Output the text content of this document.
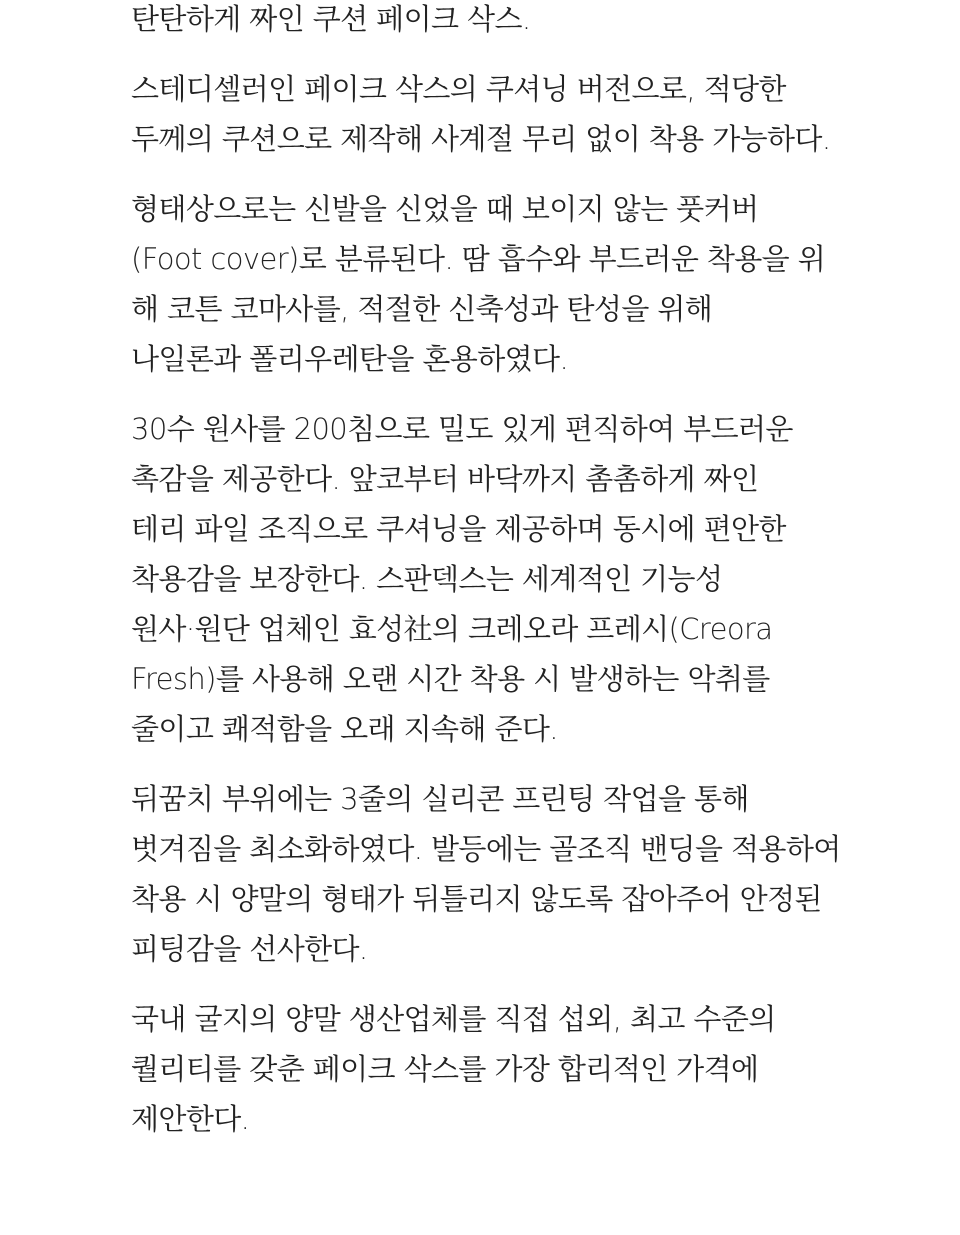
탄탄하게 짜인 쿠션 페이크 삭스.
스테디셀러인 페이크 삭스의 쿠셔닝 버전으로, 적당한
두께의 쿠션으로 제작해 사계절 무리 없이 착용 가능하다.
형태상으로는 신발을 신었을 때 보이지 않는 풋커버
(Foot cover)로 분류된다. 땀 흡수와 부드러운 착용을 위
해 코튼 코마사를, 적절한 신축성과 탄성을 위해
나일론과 폴리우레탄을 혼용하였다.
30수 원사를 200침으로 밀도 있게 편직하여 부드러운
촉감을 제공한다. 앞코부터 바닥까지 촘촘하게 짜인
테리 파일 조직으로 쿠셔닝을 제공하며 동시에 편안한
착용감을 보장한다. 스판덱스는 세계적인 기능성
원사·원단 업체인 효성社의 크레오라 프레시(Creora
Fresh)를 사용해 오랜 시간 착용 시 발생하는 악취를
줄이고 쾌적함을 오래 지속해 준다.
뒤꿈치 부위에는 3줄의 실리콘 프린팅 작업을 통해
벗겨짐을 최소화하였다. 발등에는 골조직 밴딩을 적용하여
착용 시 양말의 형태가 뒤틀리지 않도록 잡아주어 안정된
피팅감을 선사한다.
국내 굴지의 양말 생산업체를 직접 섭외, 최고 수준의
퀄리티를 갖춘 페이크 삭스를 가장 합리적인 가격에
제안한다.
